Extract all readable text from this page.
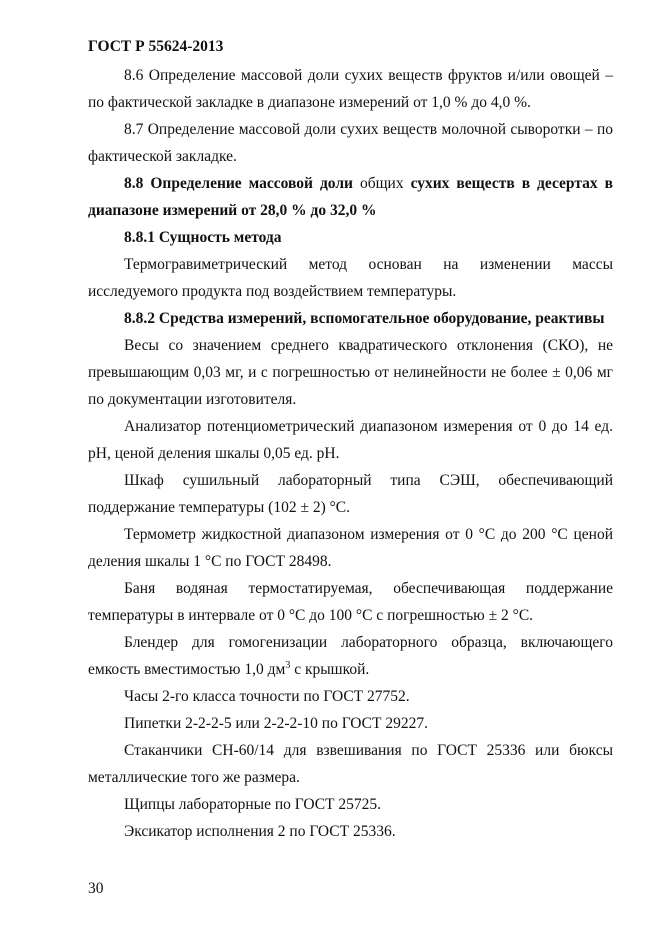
ГОСТ Р 55624-2013

8.6 Определение массовой доли сухих веществ фруктов и/или овощей – по фактической закладке в диапазоне измерений от 1,0 % до 4,0 %.

8.7 Определение массовой доли сухих веществ молочной сыворотки – по фактической закладке.

8.8 Определение массовой доли общих сухих веществ в десертах в диапазоне измерений от 28,0 % до 32,0 %

8.8.1 Сущность метода

Термогравиметрический метод основан на изменении массы исследуемого продукта под воздействием температуры.

8.8.2 Средства измерений, вспомогательное оборудование, реактивы

Весы со значением среднего квадратического отклонения (СКО), не превышающим 0,03 мг, и с погрешностью от нелинейности не более ± 0,06 мг по документации изготовителя.

Анализатор потенциометрический диапазоном измерения от 0 до 14 ед. рН, ценой деления шкалы 0,05 ед. рН.

Шкаф сушильный лабораторный типа СЭШ, обеспечивающий поддержание температуры (102 ± 2) °С.

Термометр жидкостной диапазоном измерения от 0 °С до 200 °С ценой деления шкалы 1 °С по ГОСТ 28498.

Баня водяная термостатируемая, обеспечивающая поддержание температуры в интервале от 0 °С до 100 °С с погрешностью ± 2 °С.

Блендер для гомогенизации лабораторного образца, включающего емкость вместимостью 1,0 $дм^3$ с крышкой.

Часы 2-го класса точности по ГОСТ 27752.

Пипетки 2-2-2-5 или 2-2-2-10 по ГОСТ 29227.

Стаканчики СН-60/14 для взвешивания по ГОСТ 25336 или бюксы металлические того же размера.

Щипцы лабораторные по ГОСТ 25725.

Эксикатор исполнения 2 по ГОСТ 25336.

30
